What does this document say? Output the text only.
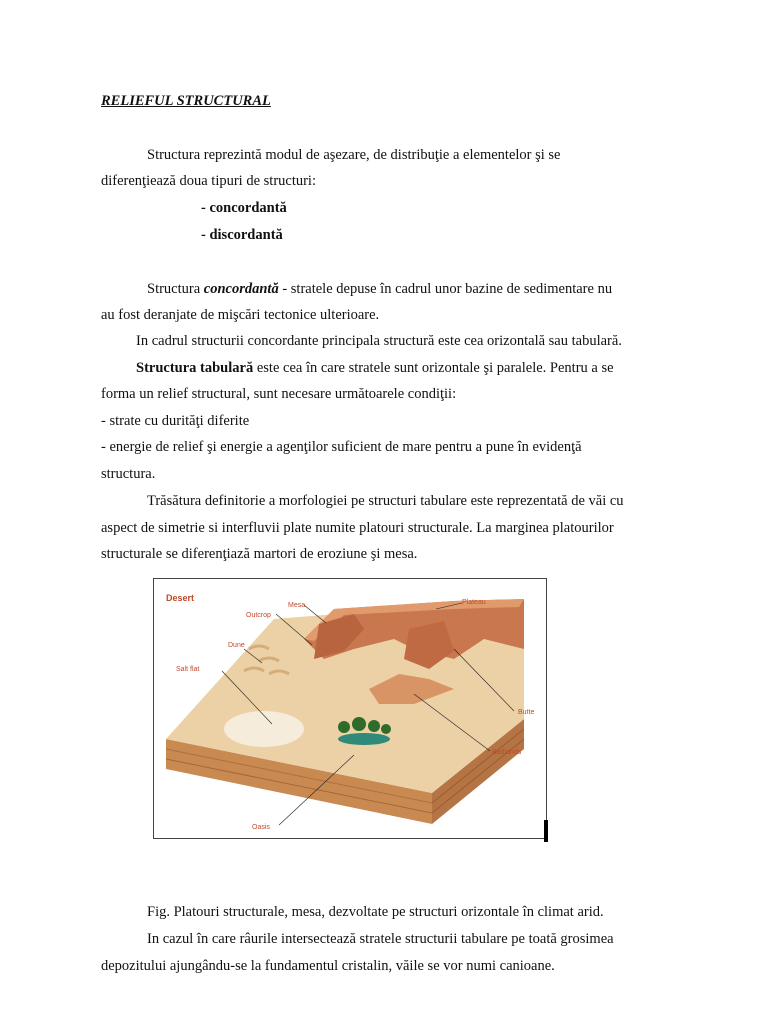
RELIEFUL STRUCTURAL
Structura reprezintă modul de aşezare, de distribuţie a elementelor şi se
diferenţiează doua tipuri de structuri:
- concordantă
- discordantă
Structura concordantă - stratele depuse în cadrul unor bazine de sedimentare nu
au fost deranjate de mişcări tectonice ulterioare.
In cadrul structurii concordante principala structură este cea orizontală sau tabulară.
Structura tabulară este cea în care stratele sunt orizontale şi paralele. Pentru a se
forma un relief structural, sunt necesare următoarele condiţii:
- strate cu durităţi diferite
- energie de relief şi energie a agenţilor suficient de mare pentru a pune în evidenţă
structura.
Trăsătura definitorie a morfologiei pe structuri tabulare este reprezentată de văi cu
aspect de simetrie si interfluvii plate numite platouri structurale. La marginea platourilor
structurale se diferenţiază martori de eroziune şi mesa.
Desert
Mesa
Outcrop
Plateau
Dune
Salt flat
Butte
Badlands
Oasis
Fig. Platouri structurale, mesa, dezvoltate pe structuri orizontale în climat arid.
In cazul în care râurile intersectează stratele structurii tabulare pe toată grosimea
depozitului ajungându-se la fundamentul cristalin, văile se vor numi canioane.
